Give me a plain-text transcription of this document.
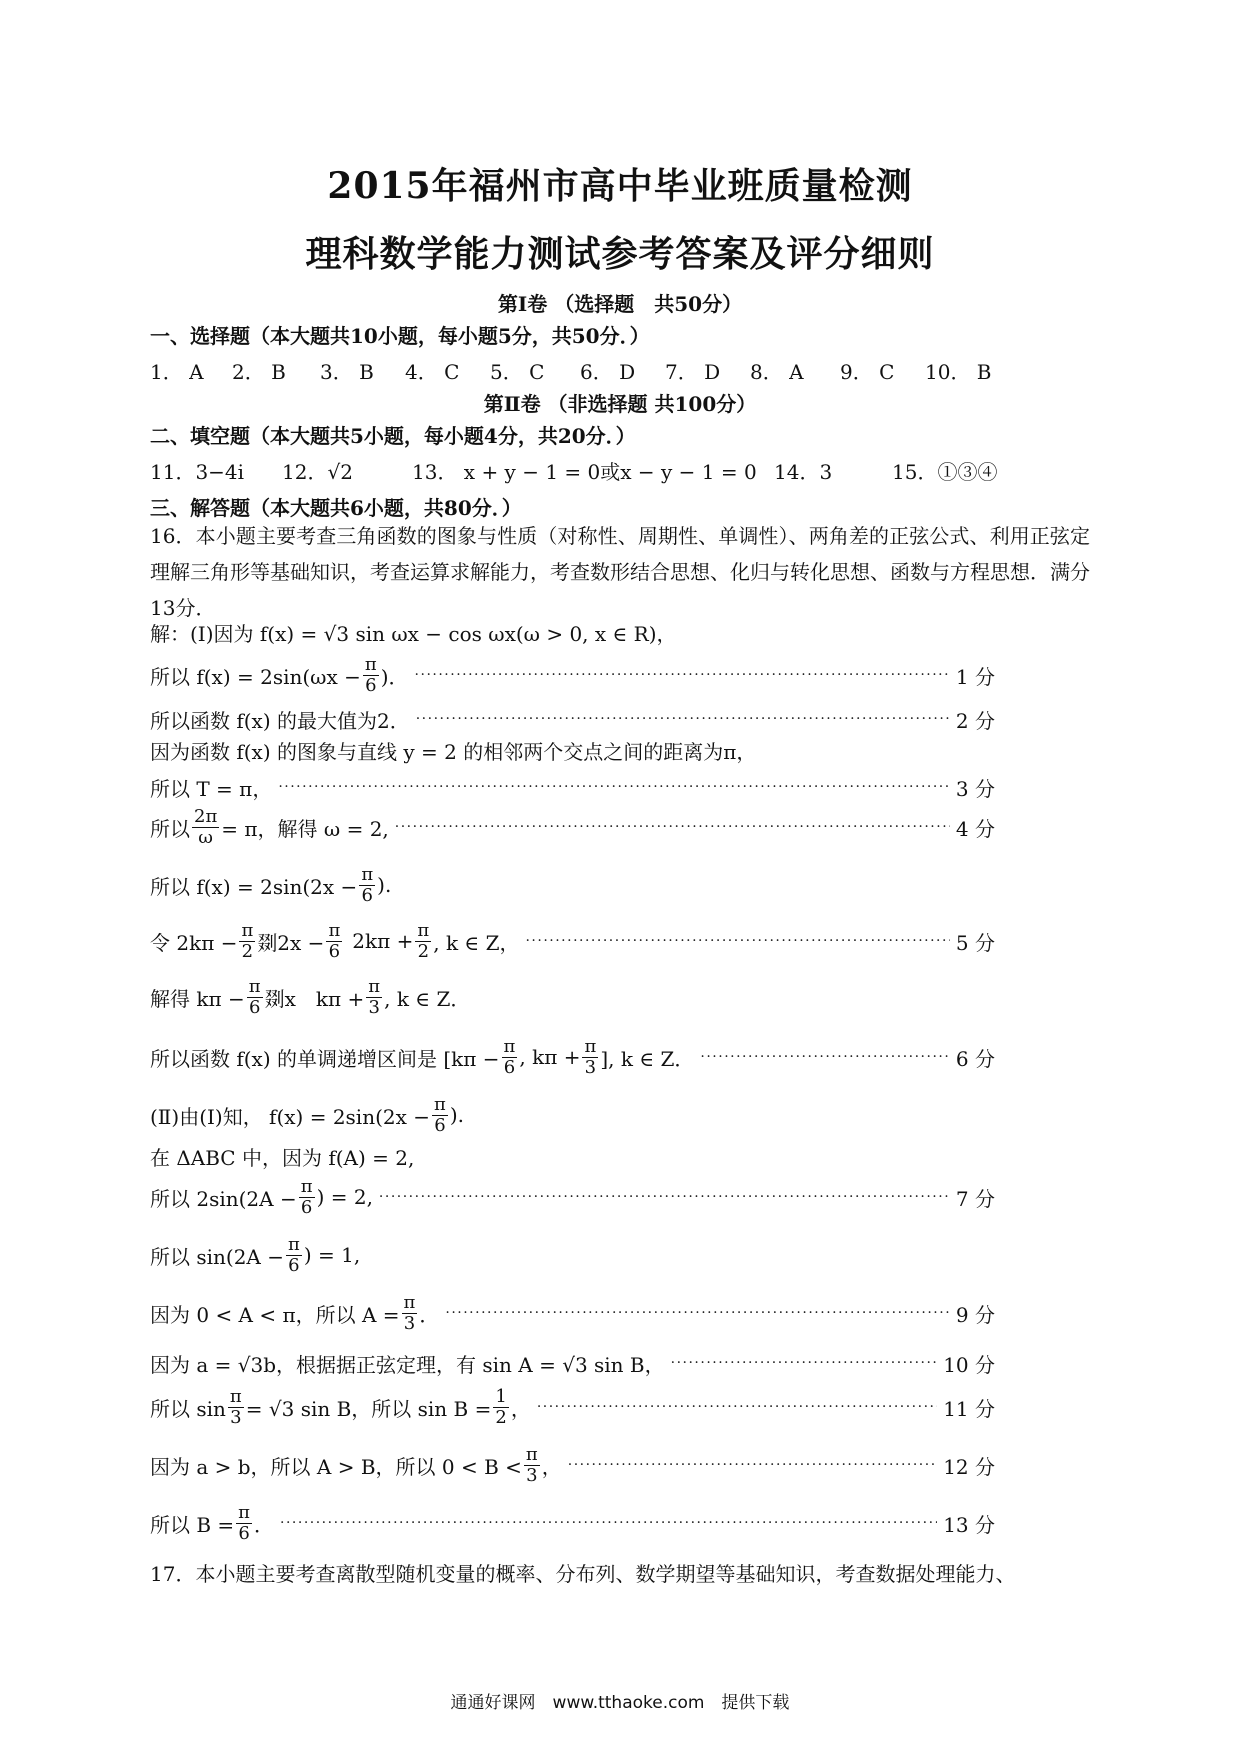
2015年福州市高中毕业班质量检测
理科数学能力测试参考答案及评分细则
第Ⅰ卷 （选择题　共50分）
一、选择题（本大题共10小题，每小题5分，共50分．）
1． A 2． B 3． B 4． C 5． C 6． D 7． D 8． A 9． C 10． B
第Ⅱ卷 （非选择题 共100分）
二、填空题（本大题共5小题，每小题4分，共20分．）
11．3−4i 12．√2	13． x + y − 1 = 0或x − y − 1 = 0 14．3	15．①③④
三、解答题（本大题共6小题，共80分．）
16．本小题主要考查三角函数的图象与性质（对称性、周期性、单调性）、两角差的正弦公式、利用正弦定理解三角形等基础知识，考查运算求解能力，考查数形结合思想、化归与转化思想、函数与方程思想．满分13分．
解：(Ⅰ)因为 f(x) = √3 sin ωx − cos ωx(ω > 0, x ∈ R)，
所以 $f(x) = 2\sin(\omega x - \frac{\pi}{6}$ )． ·····	1 分
所以函数 f(x) 的最大值为2． ·····	2 分
因为函数 f(x) 的图象与直线 y = 2 的相邻两个交点之间的距离为π，
所以 T = π， ·····	3 分
所以 $\frac{2\pi}{\omega} = \pi$，解得 ω = 2, ·····	4 分
所以 $f(x) = 2\sin(2x - \frac{\pi}{6}$ ).
令 $2k\pi - \frac{\pi}{2}$ 剟$2x - \frac{\pi}{6} 2k\pi + \frac{\pi}{2}$ , k ∈ Z， ·····	5 分
解得 $k\pi - \frac{\pi}{6}$ 剟x　$k\pi + \frac{\pi}{3}$ , k ∈ Z．
所以函数 f(x) 的单调递增区间是 [$k\pi - \frac{\pi}{6}$ , $k\pi + \frac{\pi}{3}$ ], k ∈ Z． ·····	6 分
(Ⅱ)由(Ⅰ)知， $f(x) = 2\sin(2x - \frac{\pi}{6}$ ).
在 ΔABC 中，因为 f(A) = 2,
所以 $2\sin(2A - \frac{\pi}{6}$ ) = 2, ·····	7 分
所以 $\sin(2A - \frac{\pi}{6}$ ) = 1,
因为 0 < A < π，所以 $A = \frac{\pi}{3}$ ． ·····	9 分
因为 a = √3b，根据据正弦定理，有 sin A = √3 sin B， ·····	10 分
所以 $\sin \frac{\pi}{3} = √3$ sin B，所以 $\sin B = \frac{1}{2}$ ， ·····	11 分
因为 a > b，所以 A > B，所以 $0 < B < \frac{\pi}{3}$ ， ·····	12 分
所以 $B = \frac{\pi}{6}$ ． ·····	13 分
17．本小题主要考查离散型随机变量的概率、分布列、数学期望等基础知识，考查数据处理能力、
通通好课网　www.tthaoke.com　提供下载
